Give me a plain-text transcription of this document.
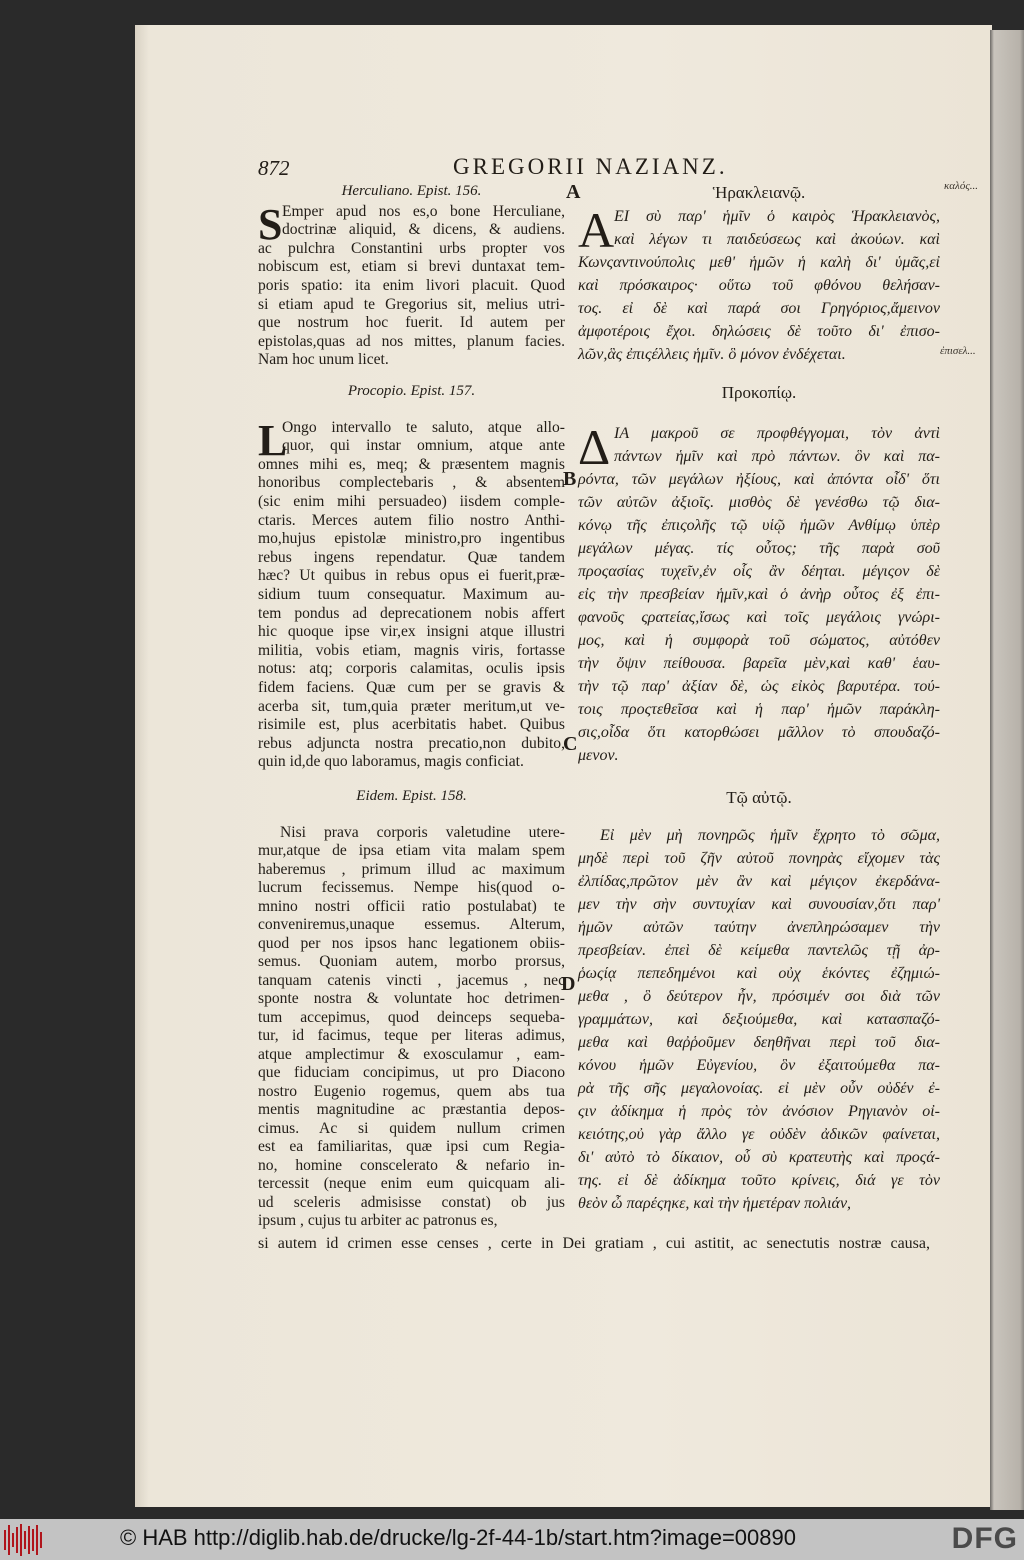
872	GREGORII NAZIANZ.
A
B
C
D
καλός...
ἐπισελ...
Herculiano. Epist. 156.
S Emper apud nos es,o bone Herculiane,
doctrinæ aliquid, & dicens, & audiens.
ac pulchra Constantini urbs propter vos
nobiscum est, etiam si brevi duntaxat tem-
poris spatio: ita enim livori placuit. Quod
si etiam apud te Gregorius sit, melius utri-
que nostrum hoc fuerit. Id autem per
epistolas,quas ad nos mittes, planum facies.
Nam hoc unum licet.
Procopio. Epist. 157.
L
Ongo intervallo te saluto, atque allo-
quor, qui instar omnium, atque ante
omnes mihi es, meq; & præsentem magnis
honoribus complectebaris , & absentem
(sic enim mihi persuadeo) iisdem comple-
ctaris. Merces autem filio nostro Anthi-
mo,hujus epistolæ ministro,pro ingentibus
rebus ingens rependatur. Quæ tandem
hæc? Ut quibus in rebus opus ei fuerit,præ-
sidium tuum consequatur. Maximum au-
tem pondus ad deprecationem nobis affert
hic quoque ipse vir,ex insigni atque illustri
militia, vobis etiam, magnis viris, fortasse
notus: atq; corporis calamitas, oculis ipsis
fidem faciens. Quæ cum per se gravis &
acerba sit, tum,quia præter meritum,ut ve-
risimile est, plus acerbitatis habet. Quibus
rebus adjuncta nostra precatio,non dubito,
quin id,de quo laboramus, magis conficiat.
Eidem. Epist. 158.
Nisi prava corporis valetudine utere-
mur,atque de ipsa etiam vita malam spem
haberemus , primum illud ac maximum
lucrum fecissemus. Nempe his(quod o-
mnino nostri officii ratio postulabat) te
conveniremus,unaque essemus. Alterum,
quod per nos ipsos hanc legationem obiis-
semus. Quoniam autem, morbo prorsus,
tanquam catenis vincti , jacemus , nec
sponte nostra & voluntate hoc detrimen-
tum accepimus, quod deinceps sequeba-
tur, id facimus, teque per literas adimus,
atque amplectimur & exosculamur , eam-
que fiduciam concipimus, ut pro Diacono
nostro Eugenio rogemus, quem abs tua
mentis magnitudine ac præstantia depos-
cimus. Ac si quidem nullum crimen
est ea familiaritas, quæ ipsi cum Regia-
no, homine conscelerato & nefario in-
tercessit (neque enim eum quicquam ali-
ud sceleris admisisse constat) ob jus
ipsum , cujus tu arbiter ac patronus es,
Ἡρακλειανῷ.
Α ΕΙ σὺ παρ' ἡμῖν ὁ καιρὸς Ἡρακλειανὸς,
καὶ λέγων τι παιδεύσεως καὶ ἀκούων. καὶ
Κωνςαντινούπολις μεθ' ἡμῶν ἡ καλὴ δι' ὑμᾶς,εἰ
καὶ πρόσκαιρος· οὕτω τοῦ φθόνου θελήσαν-
τος. εἰ δὲ καὶ παρά σοι Γρηγόριος,ἄμεινον
ἀμφοτέροις ἔχοι. δηλώσεις δὲ τοῦτο δι' ἐπισο-
λῶν,ἃς ἐπιςέλλεις ἡμῖν. ὃ μόνον ἐνδέχεται.
Προκοπίῳ.
Δ ΙΑ μακροῦ σε προφθέγγομαι, τὸν ἀντὶ
πάντων ἡμῖν καὶ πρὸ πάντων. ὃν καὶ πα-
ρόντα, τῶν μεγάλων ἠξίους, καὶ ἀπόντα οἶδ' ὅτι
τῶν αὐτῶν ἀξιοῖς. μισθὸς δὲ γενέσθω τῷ δια-
κόνῳ τῆς ἐπιςολῆς τῷ υἱῷ ἡμῶν Ανθίμῳ ὑπὲρ
μεγάλων μέγας. τίς οὗτος; τῆς παρὰ σοῦ
προςασίας τυχεῖν,ἐν οἷς ἂν δέηται. μέγιςον δὲ
εἰς τὴν πρεσβείαν ἡμῖν,καὶ ὁ ἀνὴρ οὗτος ἐξ ἐπι-
φανοῦς ςρατείας,ἴσως καὶ τοῖς μεγάλοις γνώρι-
μος, καὶ ἡ συμφορὰ τοῦ σώματος, αὐτόθεν
τὴν ὄψιν πείθουσα. βαρεῖα μὲν,καὶ καθ' ἑαυ-
τὴν τῷ παρ' ἀξίαν δὲ, ὡς εἰκὸς βαρυτέρα. τού-
τοις προςτεθεῖσα καὶ ἡ παρ' ἡμῶν παράκλη-
σις,οἶδα ὅτι κατορθώσει μᾶλλον τὸ σπουδαζό-
μενον.
Τῷ αὐτῷ.
Εἰ μὲν μὴ πονηρῶς ἡμῖν ἔχρητο τὸ σῶμα,
μηδὲ περὶ τοῦ ζῆν αὐτοῦ πονηρὰς εἴχομεν τὰς
ἐλπίδας,πρῶτον μὲν ἂν καὶ μέγιςον ἐκερδάνα-
μεν τὴν σὴν συντυχίαν καὶ συνουσίαν,ὅτι παρ'
ἡμῶν αὐτῶν ταύτην ἀνεπληρώσαμεν τὴν
πρεσβείαν. ἐπεὶ δὲ κείμεθα παντελῶς τῇ ἀρ-
ῥωςίᾳ πεπεδημένοι καὶ οὐχ ἑκόντες ἐζημιώ-
μεθα , ὃ δεύτερον ἦν, πρόσιμέν σοι διὰ τῶν
γραμμάτων, καὶ δεξιούμεθα, καὶ κατασπαζό-
μεθα καὶ θαῤῥοῦμεν δεηθῆναι περὶ τοῦ δια-
κόνου ἡμῶν Εὐγενίου, ὃν ἐξαιτούμεθα πα-
ρὰ τῆς σῆς μεγαλονοίας. εἰ μὲν οὖν οὐδέν ἐ-
ςιν ἀδίκημα ἡ πρὸς τὸν ἀνόσιον Ρηγιανὸν οἰ-
κειότης,οὐ γὰρ ἄλλο γε οὐδὲν ἀδικῶν φαίνεται,
δι' αὐτὸ τὸ δίκαιον, οὗ σὺ κρατευτὴς καὶ προςά-
της. εἰ δὲ ἀδίκημα τοῦτο κρίνεις, διά γε τὸν
θεὸν ὦ παρέςηκε, καὶ τὴν ἡμετέραν πολιάν,
si autem id crimen esse censes , certe in Dei gratiam , cui astitit, ac senectutis nostræ causa,
© HAB http://diglib.hab.de/drucke/lg-2f-44-1b/start.htm?image=00890	DFG
